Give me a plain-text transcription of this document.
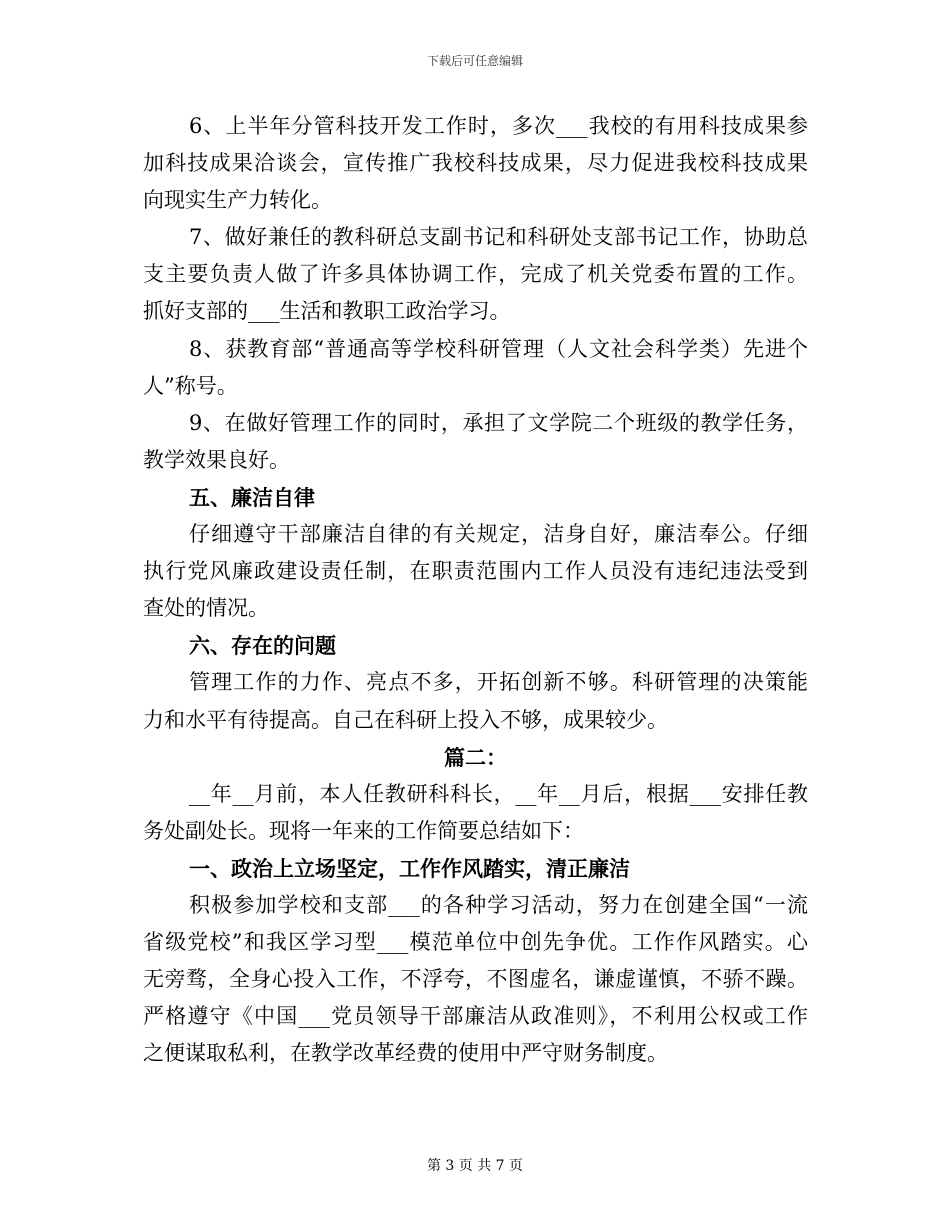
下载后可任意编辑
6、上半年分管科技开发工作时，多次___我校的有用科技成果参
加科技成果洽谈会，宣传推广我校科技成果，尽力促进我校科技成果
向现实生产力转化。
7、做好兼任的教科研总支副书记和科研处支部书记工作，协助总
支主要负责人做了许多具体协调工作，完成了机关党委布置的工作。
抓好支部的___生活和教职工政治学习。
8、获教育部“普通高等学校科研管理（人文社会科学类）先进个
人”称号。
9、在做好管理工作的同时，承担了文学院二个班级的教学任务，
教学效果良好。
五、廉洁自律
仔细遵守干部廉洁自律的有关规定，洁身自好，廉洁奉公。仔细
执行党风廉政建设责任制，在职责范围内工作人员没有违纪违法受到
查处的情况。
六、存在的问题
管理工作的力作、亮点不多，开拓创新不够。科研管理的决策能
力和水平有待提高。自己在科研上投入不够，成果较少。
篇二：
__年__月前，本人任教研科科长，__年__月后，根据___安排任教
务处副处长。现将一年来的工作简要总结如下：
一、政治上立场坚定，工作作风踏实，清正廉洁
积极参加学校和支部___的各种学习活动，努力在创建全国“一流
省级党校”和我区学习型___模范单位中创先争优。工作作风踏实。心
无旁骛，全身心投入工作，不浮夸，不图虚名，谦虚谨慎，不骄不躁。
严格遵守《中国___党员领导干部廉洁从政准则》，不利用公权或工作
之便谋取私利，在教学改革经费的使用中严守财务制度。
第 3 页 共 7 页
